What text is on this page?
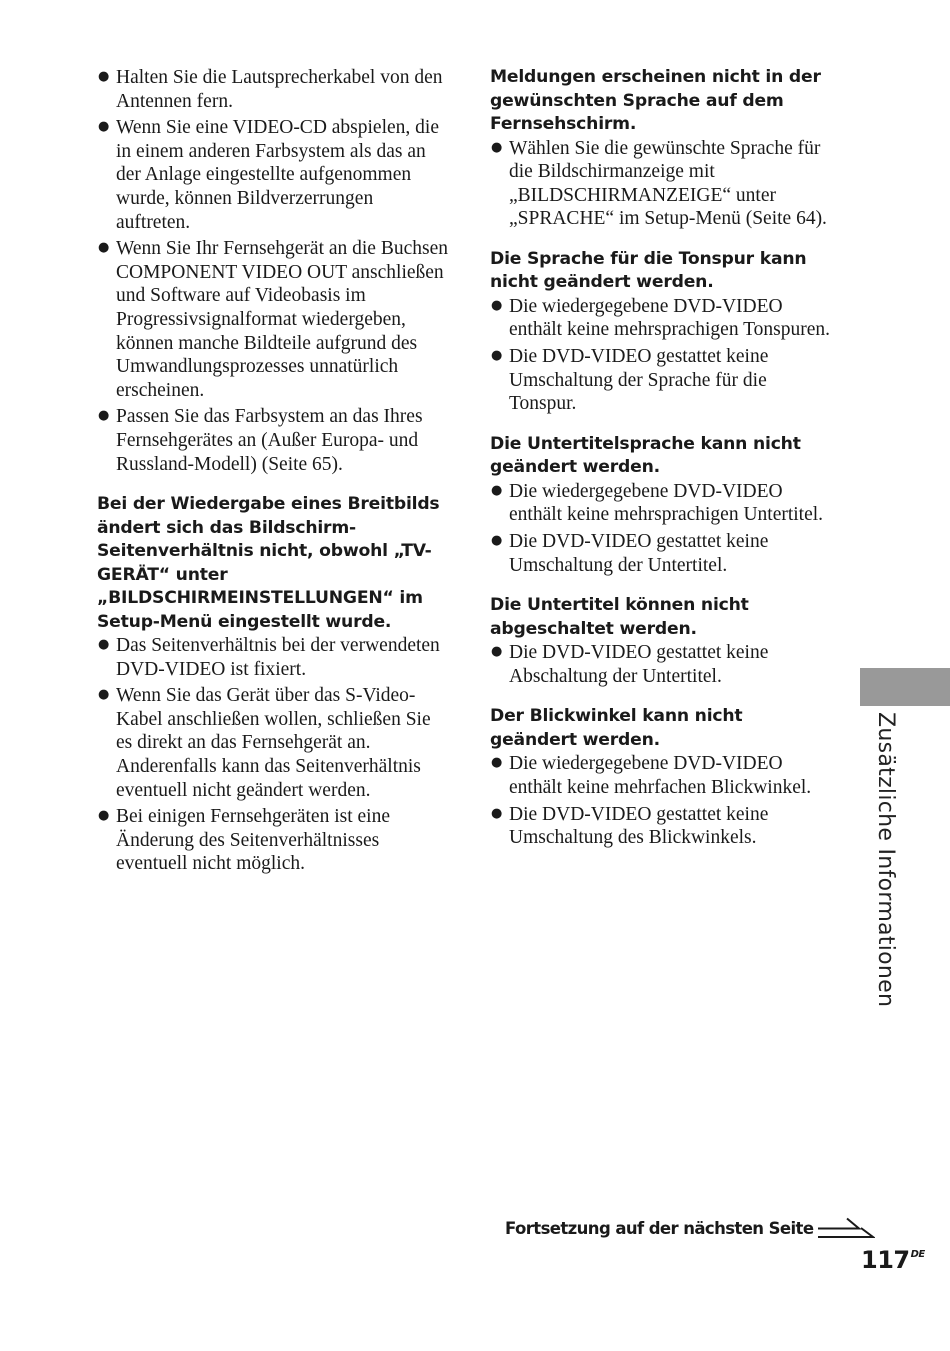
● Halten Sie die Lautsprecherkabel von den Antennen fern.
● Wenn Sie eine VIDEO-CD abspielen, die in einem anderen Farbsystem als das an der Anlage eingestellte aufgenommen wurde, können Bildverzerrungen auftreten.
● Wenn Sie Ihr Fernsehgerät an die Buchsen COMPONENT VIDEO OUT anschließen und Software auf Videobasis im Progressivsignalformat wiedergeben, können manche Bildteile aufgrund des Umwandlungsprozesses unnatürlich erscheinen.
● Passen Sie das Farbsystem an das Ihres Fernsehgerätes an (Außer Europa- und Russland-Modell) (Seite 65).

Bei der Wiedergabe eines Breitbilds ändert sich das Bildschirm-Seitenverhältnis nicht, obwohl „TV-GERÄT“ unter „BILDSCHIRMEINSTELLUNGEN“ im Setup-Menü eingestellt wurde.

● Das Seitenverhältnis bei der verwendeten DVD-VIDEO ist fixiert.
● Wenn Sie das Gerät über das S-Video-Kabel anschließen wollen, schließen Sie es direkt an das Fernsehgerät an. Anderenfalls kann das Seitenverhältnis eventuell nicht geändert werden.
● Bei einigen Fernsehgeräten ist eine Änderung des Seitenverhältnisses eventuell nicht möglich.

Meldungen erscheinen nicht in der gewünschten Sprache auf dem Fernsehschirm.

● Wählen Sie die gewünschte Sprache für die Bildschirmanzeige mit „BILDSCHIRMANZEIGE“ unter „SPRACHE“ im Setup-Menü (Seite 64).

Die Sprache für die Tonspur kann nicht geändert werden.

● Die wiedergegebene DVD-VIDEO enthält keine mehrsprachigen Tonspuren.
● Die DVD-VIDEO gestattet keine Umschaltung der Sprache für die Tonspur.

Die Untertitelsprache kann nicht geändert werden.

● Die wiedergegebene DVD-VIDEO enthält keine mehrsprachigen Untertitel.
● Die DVD-VIDEO gestattet keine Umschaltung der Untertitel.

Die Untertitel können nicht abgeschaltet werden.

● Die DVD-VIDEO gestattet keine Abschaltung der Untertitel.

Der Blickwinkel kann nicht geändert werden.

● Die wiedergegebene DVD-VIDEO enthält keine mehrfachen Blickwinkel.
● Die DVD-VIDEO gestattet keine Umschaltung des Blickwinkels.	Zusätzliche Informationen
Fortsetzung auf der nächsten Seite
117DE
